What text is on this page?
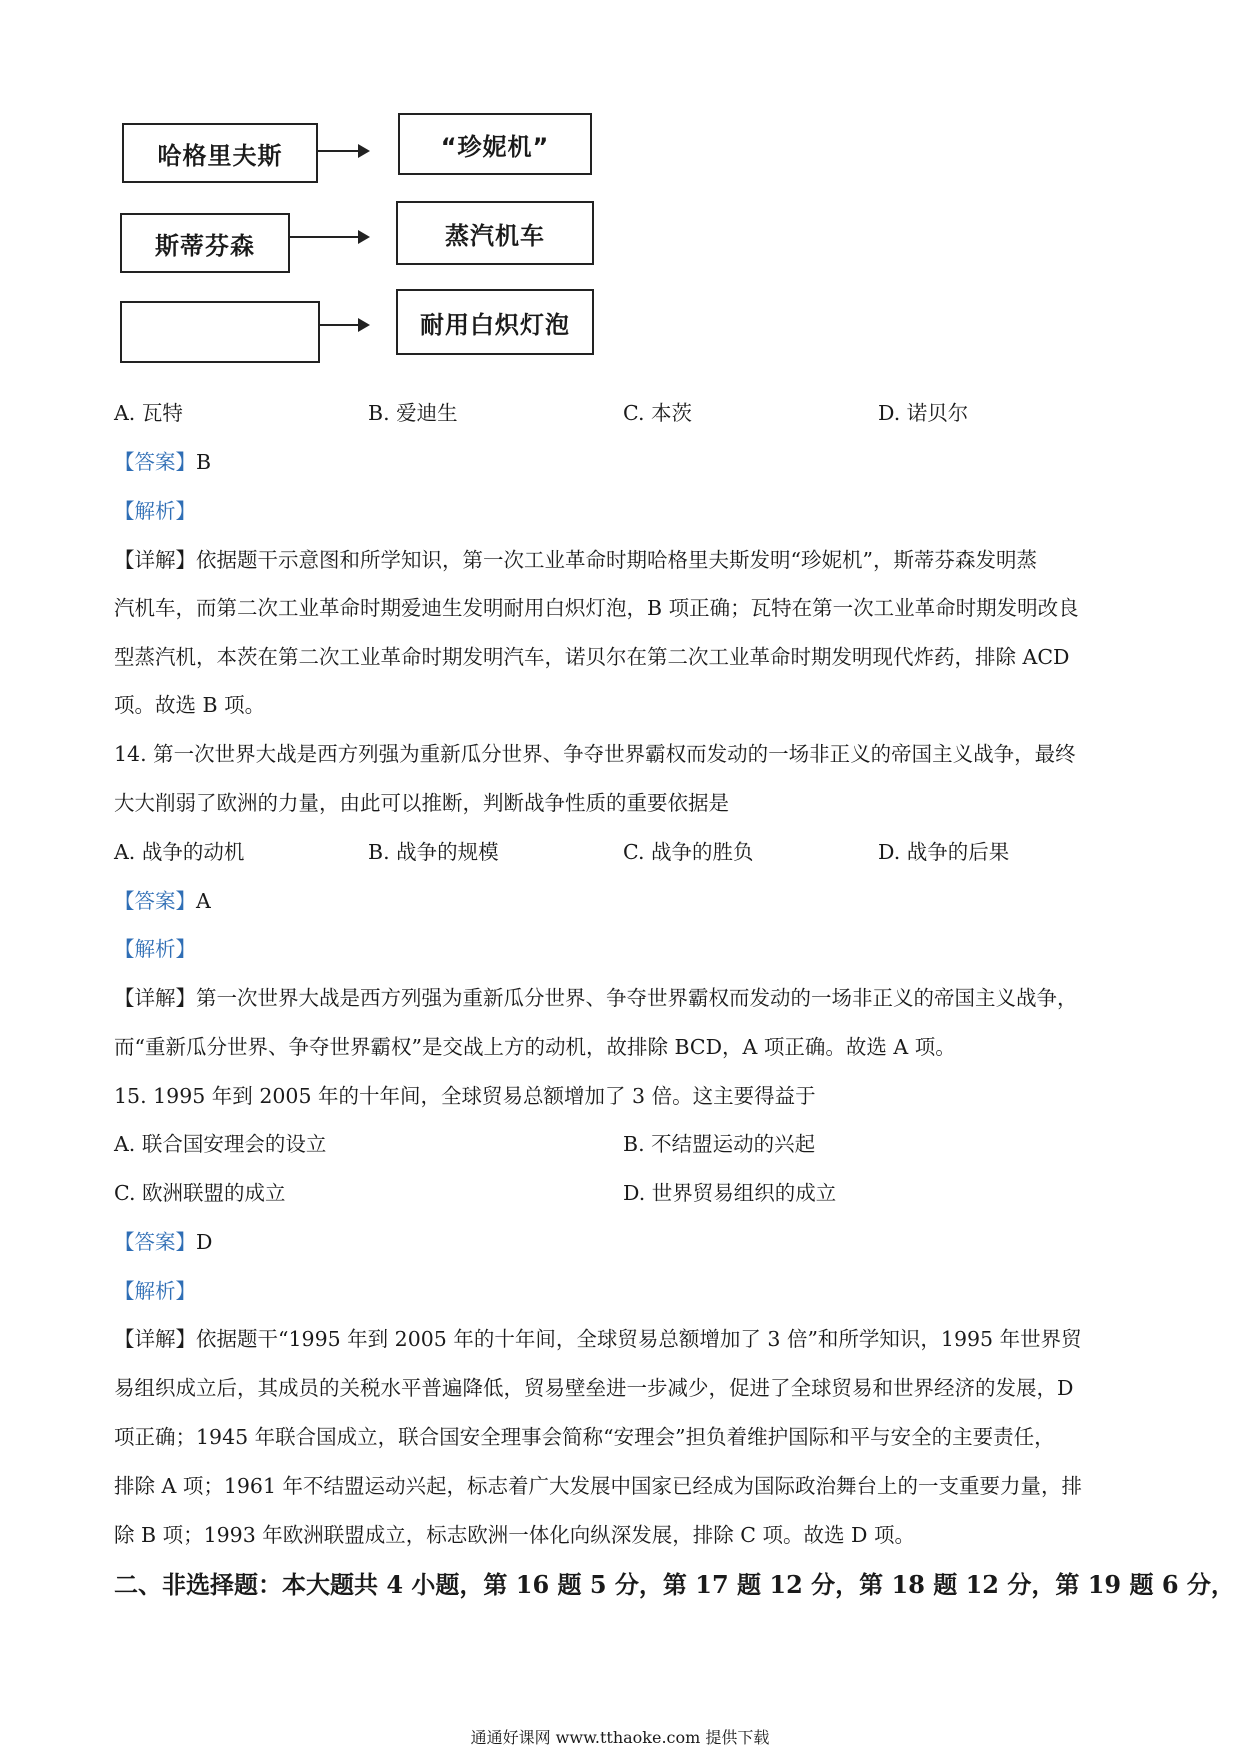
哈格里夫斯	“珍妮机”
斯蒂芬森	蒸汽机车
耐用白炽灯泡
A. 瓦特	B. 爱迪生	C. 本茨	D. 诺贝尔
【答案】B
【解析】
【详解】依据题干示意图和所学知识，第一次工业革命时期哈格里夫斯发明“珍妮机”，斯蒂芬森发明蒸
汽机车，而第二次工业革命时期爱迪生发明耐用白炽灯泡，B 项正确；瓦特在第一次工业革命时期发明改良
型蒸汽机，本茨在第二次工业革命时期发明汽车，诺贝尔在第二次工业革命时期发明现代炸药，排除 ACD
项。故选 B 项。
14. 第一次世界大战是西方列强为重新瓜分世界、争夺世界霸权而发动的一场非正义的帝国主义战争，最终
大大削弱了欧洲的力量，由此可以推断，判断战争性质的重要依据是
A. 战争的动机	B. 战争的规模	C. 战争的胜负	D. 战争的后果
【答案】A
【解析】
【详解】第一次世界大战是西方列强为重新瓜分世界、争夺世界霸权而发动的一场非正义的帝国主义战争，
而“重新瓜分世界、争夺世界霸权”是交战上方的动机，故排除 BCD，A 项正确。故选 A 项。
15. 1995 年到 2005 年的十年间，全球贸易总额增加了 3 倍。这主要得益于
A. 联合国安理会的设立	B. 不结盟运动的兴起
C. 欧洲联盟的成立	D. 世界贸易组织的成立
【答案】D
【解析】
【详解】依据题干“1995 年到 2005 年的十年间，全球贸易总额增加了 3 倍”和所学知识，1995 年世界贸
易组织成立后，其成员的关税水平普遍降低，贸易壁垒进一步减少，促进了全球贸易和世界经济的发展，D
项正确；1945 年联合国成立，联合国安全理事会简称“安理会”担负着维护国际和平与安全的主要责任，
排除 A 项；1961 年不结盟运动兴起，标志着广大发展中国家已经成为国际政治舞台上的一支重要力量，排
除 B 项；1993 年欧洲联盟成立，标志欧洲一体化向纵深发展，排除 C 项。故选 D 项。
二、非选择题：本大题共 4 小题，第 16 题 5 分，第 17 题 12 分，第 18 题 12 分，第 19 题 6 分，
通通好课网 www.tthaoke.com 提供下载
